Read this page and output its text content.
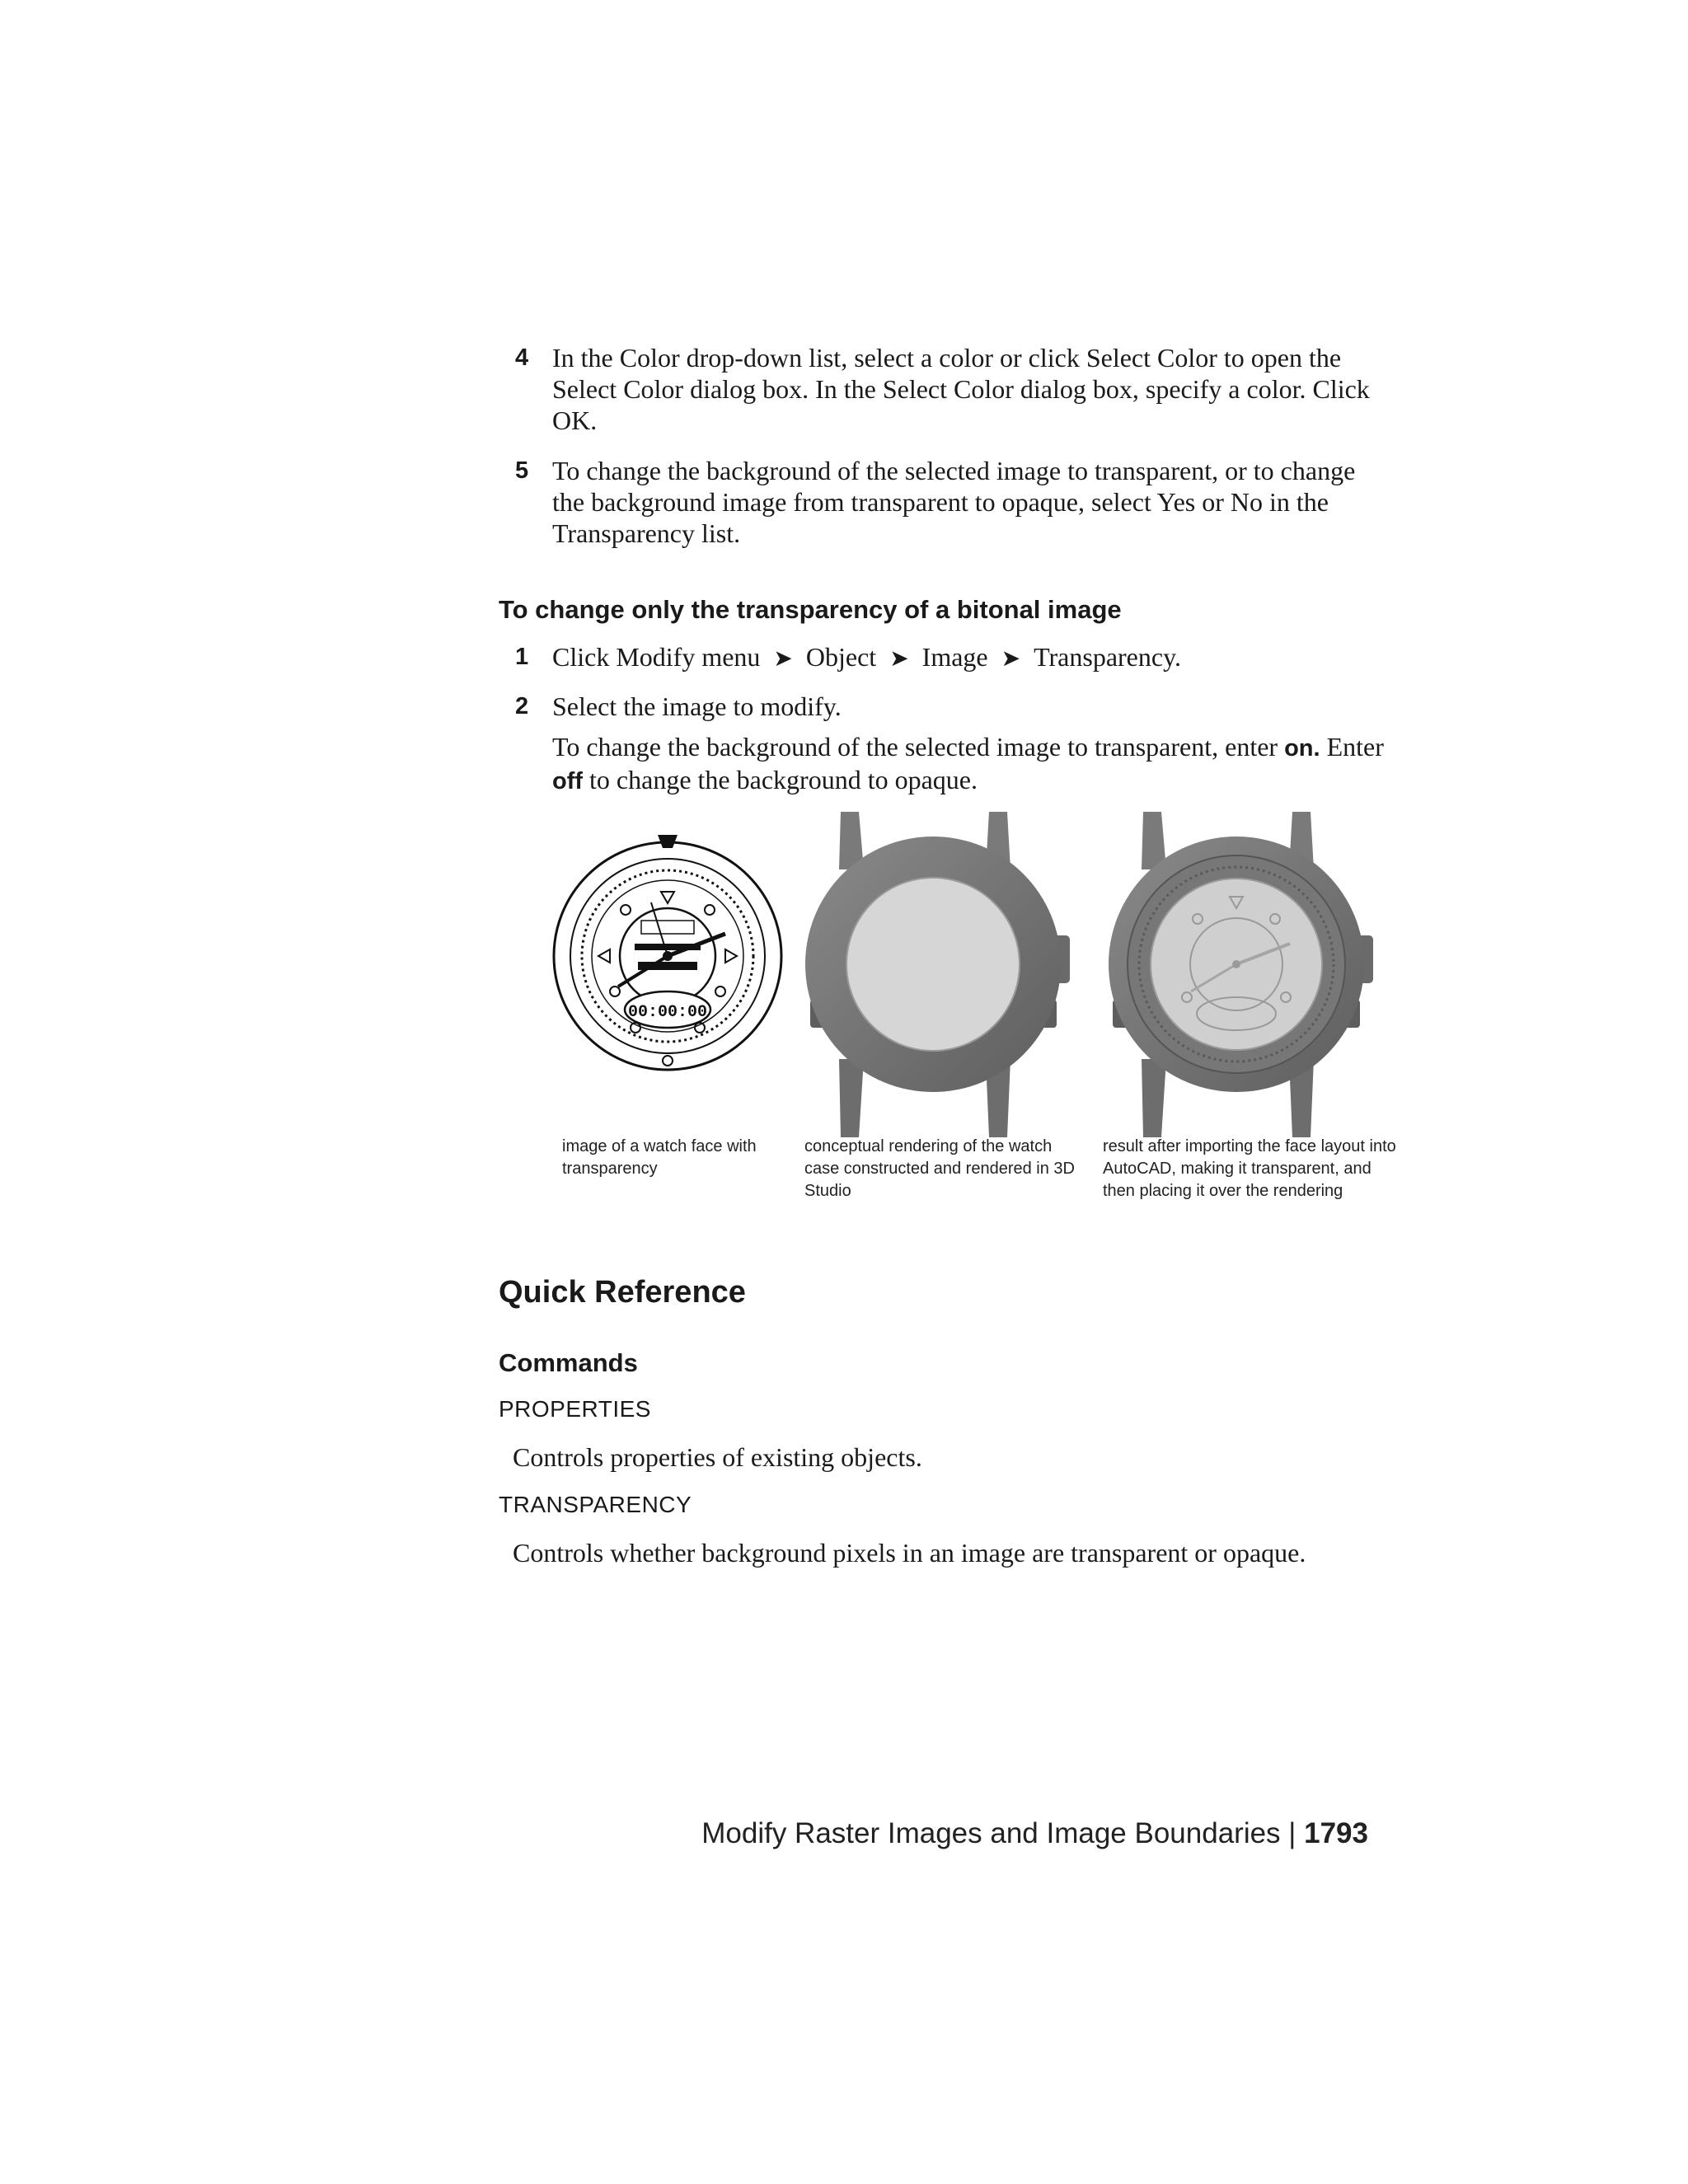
4 In the Color drop-down list, select a color or click Select Color to open the Select Color dialog box. In the Select Color dialog box, specify a color. Click OK.
5 To change the background of the selected image to transparent, or to change the background image from transparent to opaque, select Yes or No in the Transparency list.
To change only the transparency of a bitonal image
1 Click Modify menu ➤ Object ➤ Image ➤ Transparency.
2 Select the image to modify.
To change the background of the selected image to transparent, enter on. Enter off to change the background to opaque.
00:00:00
image of a watch face with transparency
conceptual rendering of the watch case constructed and rendered in 3D Studio
result after importing the face layout into AutoCAD, making it transparent, and then placing it over the rendering
Quick Reference
Commands
PROPERTIES
Controls properties of existing objects.
TRANSPARENCY
Controls whether background pixels in an image are transparent or opaque.
Modify Raster Images and Image Boundaries | 1793
